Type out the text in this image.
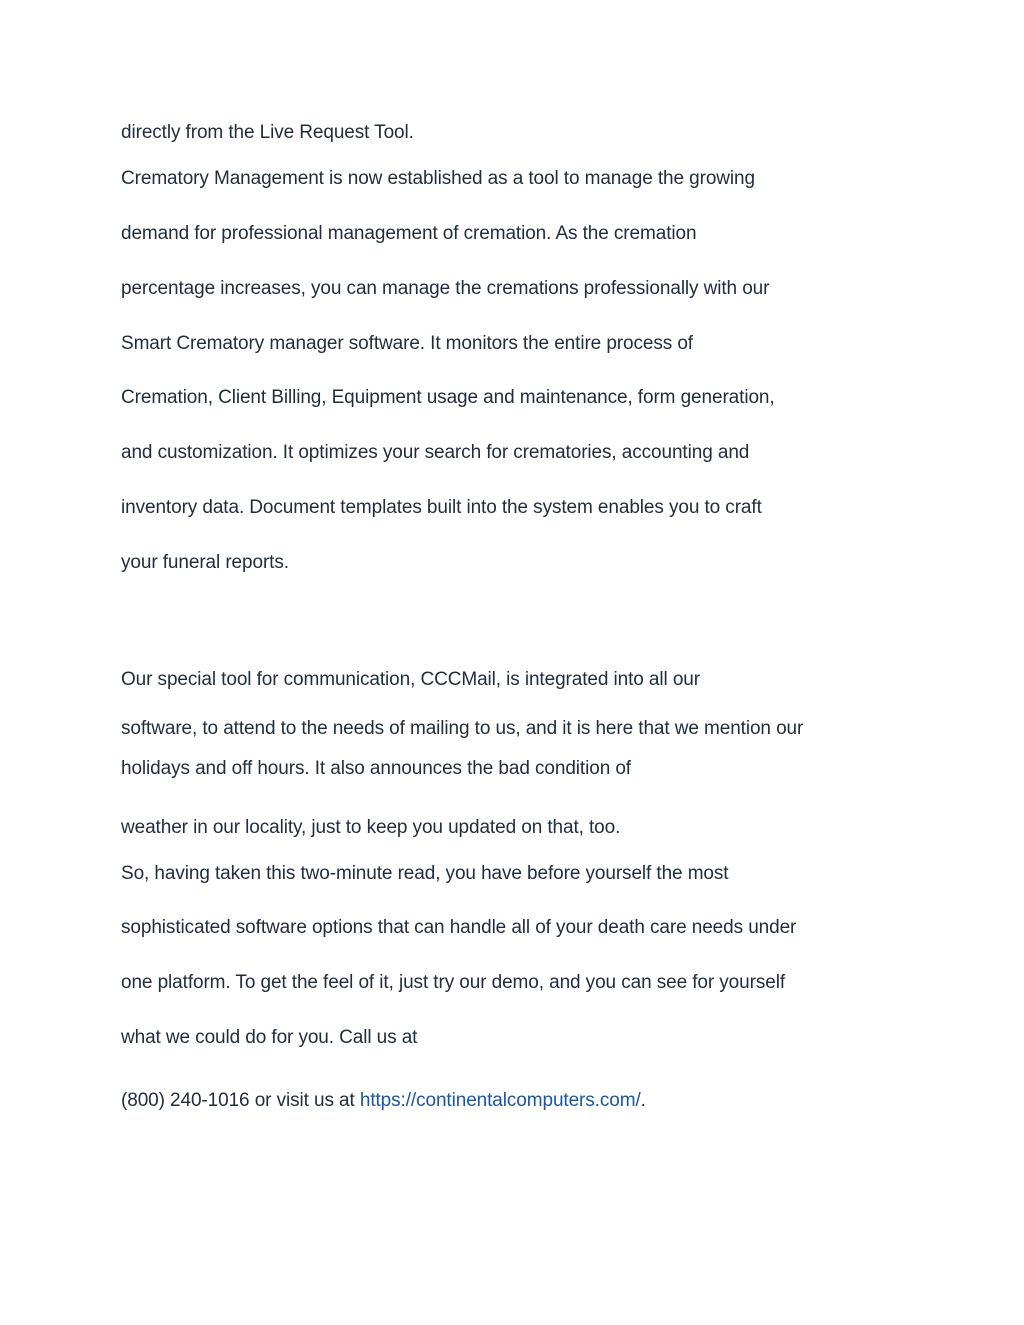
directly from the Live Request Tool.

Crematory Management is now established as a tool to manage the growing

demand for professional management of cremation. As the cremation

percentage increases, you can manage the cremations professionally with our

Smart Crematory manager software. It monitors the entire process of

Cremation, Client Billing, Equipment usage and maintenance, form generation,

and customization. It optimizes your search for crematories, accounting and

inventory data. Document templates built into the system enables you to craft

your funeral reports.

Our special tool for communication, CCCMail, is integrated into all our

software, to attend to the needs of mailing to us, and it is here that we mention our

holidays and off hours. It also announces the bad condition of

weather in our locality, just to keep you updated on that, too.

So, having taken this two-minute read, you have before yourself the most

sophisticated software options that can handle all of your death care needs under

one platform. To get the feel of it, just try our demo, and you can see for yourself

what we could do for you. Call us at

(800) 240-1016 or visit us at https://continentalcomputers.com/.
